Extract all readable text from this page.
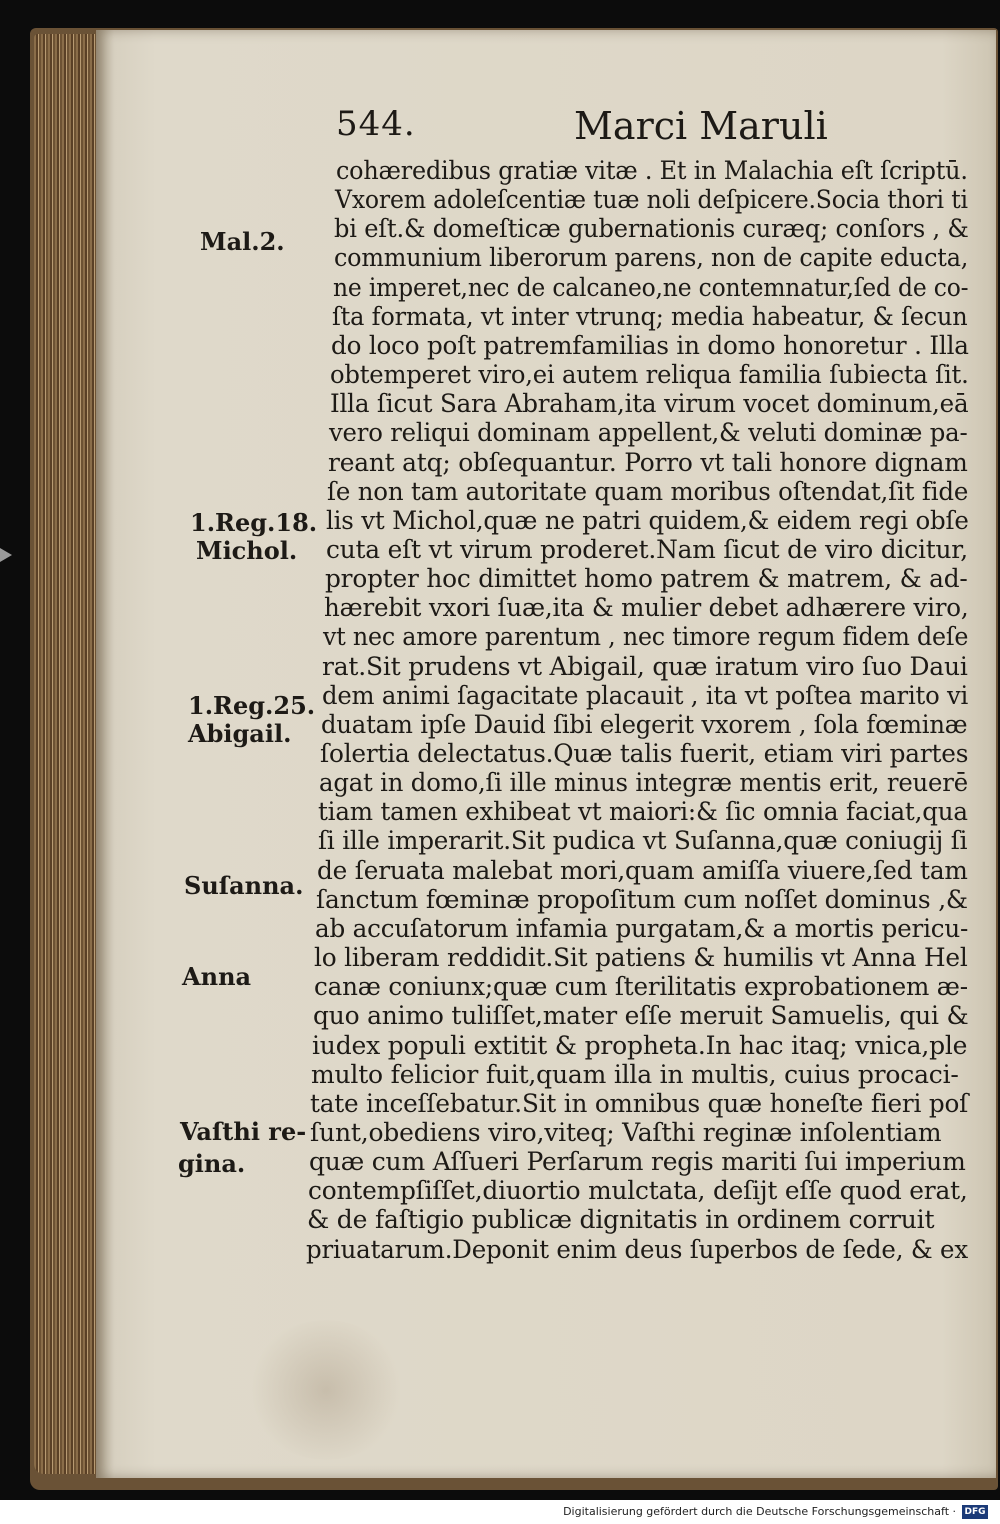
544.	Marci Maruli
cohæredibus gratiæ vitæ . Et in Malachia eſt ſcriptū.
Vxorem adoleſcentiæ tuæ noli deſpicere.Socia thori ti
bi eſt.& domeſticæ gubernationis curæq; conſors , &
communium liberorum parens, non de capite educta,
ne imperet,nec de calcaneo,ne contemnatur,ſed de co-
ſta formata, vt inter vtrunq; media habeatur, & ſecun
do loco poſt patremfamilias in domo honoretur . Illa
obtemperet viro,ei autem reliqua familia ſubiecta ſit.
Illa ſicut Sara Abraham,ita virum vocet dominum,eā
vero reliqui dominam appellent,& veluti dominæ pa-
reant atq; obſequantur. Porro vt tali honore dignam
ſe non tam autoritate quam moribus oſtendat,ſit fide
lis vt Michol,quæ ne patri quidem,& eidem regi obſe
cuta eſt vt virum proderet.Nam ſicut de viro dicitur,
propter hoc dimittet homo patrem & matrem, & ad-
hærebit vxori ſuæ,ita & mulier debet adhærere viro,
vt nec amore parentum , nec timore regum fidem deſe
rat.Sit prudens vt Abigail, quæ iratum viro ſuo Daui
dem animi ſagacitate placauit , ita vt poſtea marito vi
duatam ipſe Dauid ſibi elegerit vxorem , ſola fœminæ
ſolertia delectatus.Quæ talis fuerit, etiam viri partes
agat in domo,ſi ille minus integræ mentis erit, reuerē
tiam tamen exhibeat vt maiori:& ſic omnia faciat,qua
ſi ille imperarit.Sit pudica vt Suſanna,quæ coniugij ſi
de ſeruata malebat mori,quam amiſſa viuere,ſed tam
ſanctum fœminæ propoſitum cum noſſet dominus ,&
ab accuſatorum infamia purgatam,& a mortis pericu-
lo liberam reddidit.Sit patiens & humilis vt Anna Hel
canæ coniunx;quæ cum ſterilitatis exprobationem æ-
quo animo tuliſſet,mater eſſe meruit Samuelis, qui &
iudex populi extitit & propheta.In hac itaq; vnica,ple
multo felicior fuit,quam illa in multis, cuius procaci-
tate inceſſebatur.Sit in omnibus quæ honeſte fieri poſ
ſunt,obediens viro,viteq; Vaſthi reginæ inſolentiam
quæ cum Aſſueri Perſarum regis mariti ſui imperium
contempſiſſet,diuortio mulctata, deſijt eſſe quod erat,
& de faſtigio publicæ dignitatis in ordinem corruit
priuatarum.Deponit enim deus ſuperbos de ſede, & ex
Mal.2.
1.Reg.18.
Michol.
1.Reg.25.
Abigail.
Suſanna.
Anna
Vaſthi re-
gina.
Digitalisierung gefördert durch die Deutsche Forschungsgemeinschaft · DFG
